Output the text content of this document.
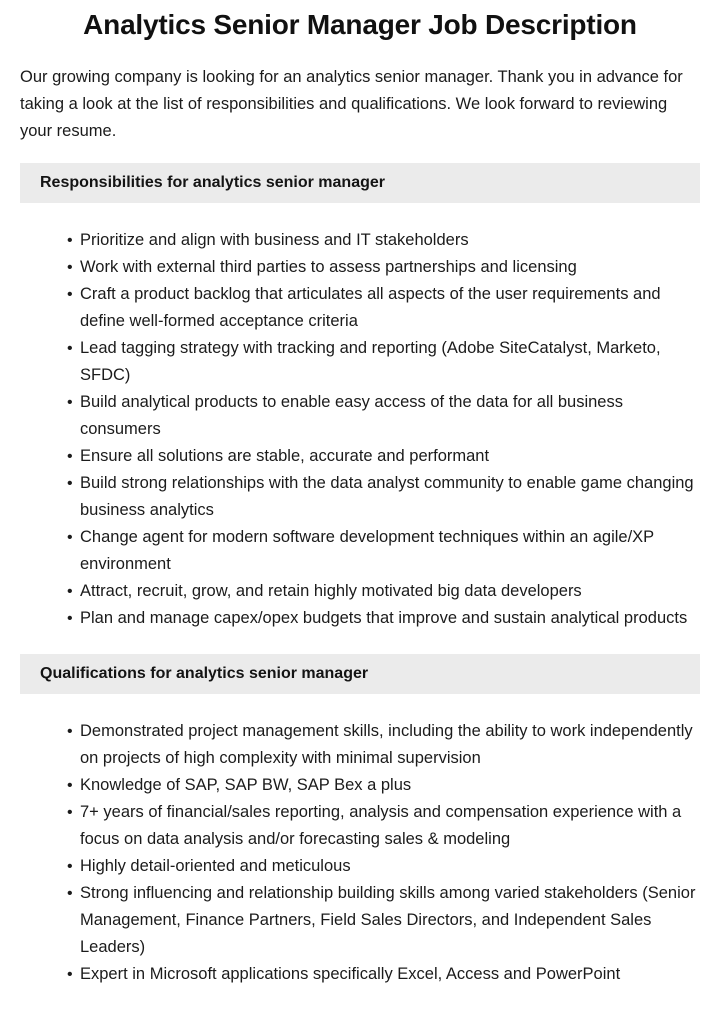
Analytics Senior Manager Job Description

Our growing company is looking for an analytics senior manager. Thank you in advance for taking a look at the list of responsibilities and qualifications. We look forward to reviewing your resume.

Responsibilities for analytics senior manager
• Prioritize and align with business and IT stakeholders
• Work with external third parties to assess partnerships and licensing
• Craft a product backlog that articulates all aspects of the user requirements and define well-formed acceptance criteria
• Lead tagging strategy with tracking and reporting (Adobe SiteCatalyst, Marketo, SFDC)
• Build analytical products to enable easy access of the data for all business consumers
• Ensure all solutions are stable, accurate and performant
• Build strong relationships with the data analyst community to enable game changing business analytics
• Change agent for modern software development techniques within an agile/XP environment
• Attract, recruit, grow, and retain highly motivated big data developers
• Plan and manage capex/opex budgets that improve and sustain analytical products
Qualifications for analytics senior manager
• Demonstrated project management skills, including the ability to work independently on projects of high complexity with minimal supervision
• Knowledge of SAP, SAP BW, SAP Bex a plus
• 7+ years of financial/sales reporting, analysis and compensation experience with a focus on data analysis and/or forecasting sales & modeling
• Highly detail-oriented and meticulous
• Strong influencing and relationship building skills among varied stakeholders (Senior Management, Finance Partners, Field Sales Directors, and Independent Sales Leaders)
• Expert in Microsoft applications specifically Excel, Access and PowerPoint
